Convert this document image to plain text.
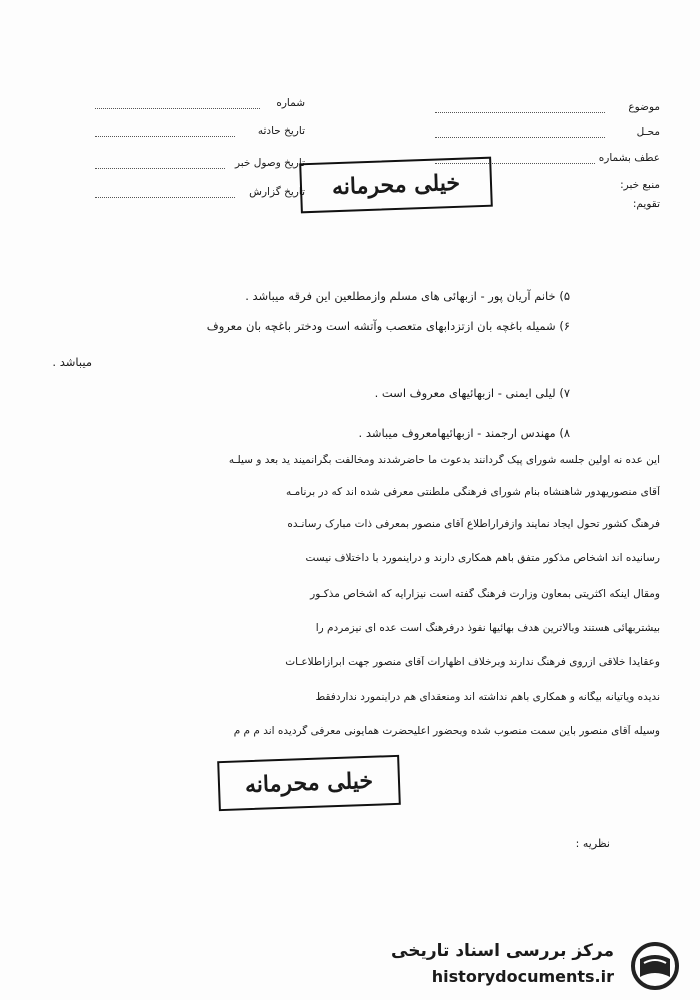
موضوع
محـل
عطف بشماره
منبع خبر:
تقویم:
شماره
تاریخ حادثه
تاریخ وصول خبر
تاریخ گزارش	خیلی محرمانه
۵) خانم آریان پور - ازبهائی های مسلم وازمطلعین این فرقه میباشد .
۶) شمیله باغچه بان ازتزدابهای متعصب وآتشه است ودختر باغچه بان معروف
میباشد .
۷) لیلی ایمنی - ازبهائیهای معروف است .
۸) مهندس ارجمند - ازبهائیهامعروف میباشد .
این عده نه اولین جلسه شورای پیک گردانند بدعوت ما حاضرشدند ومخالفت بگرانمیند ید بعد و سیلـه
آقای منصوریهدور شاهنشاه بنام شورای فرهنگی ملطنتی معرفی شده اند که در برنامـه
فرهنگ کشور تحول ایجاد نمایند وازفراراطلاع آقای منصور بمعرفی ذات مبارک رسانـده
رسانیده اند اشخاص مذکور متفق باهم همکاری دارند و دراینمورد با داختلاف نیست
ومقال اینکه اکثریتی بمعاون وزارت فرهنگ گفته است نیزارایه که اشخاص مذکـور
بیشتربهائی هستند وبالاترین هدف بهائیها نفوذ درفرهنگ است عده ای نیزمردم را
وعقایدا خلاقی ازروی فرهنگ ندارند وبرخلاف اظهارات آقای منصور جهت ابرازاطلاعـات
ندیده ویاتیانه بیگانه و همکاری باهم نداشته اند ومنعقدای هم دراینمورد نداردفقط
وسیله آقای منصور باین سمت منصوب شده وبحضور اعلیحضرت همایونی معرفی گردیده اند م م م
خیلی محرمانه
نظریه :
مرکز بررسی اسناد تاریخی
historydocuments.ir
